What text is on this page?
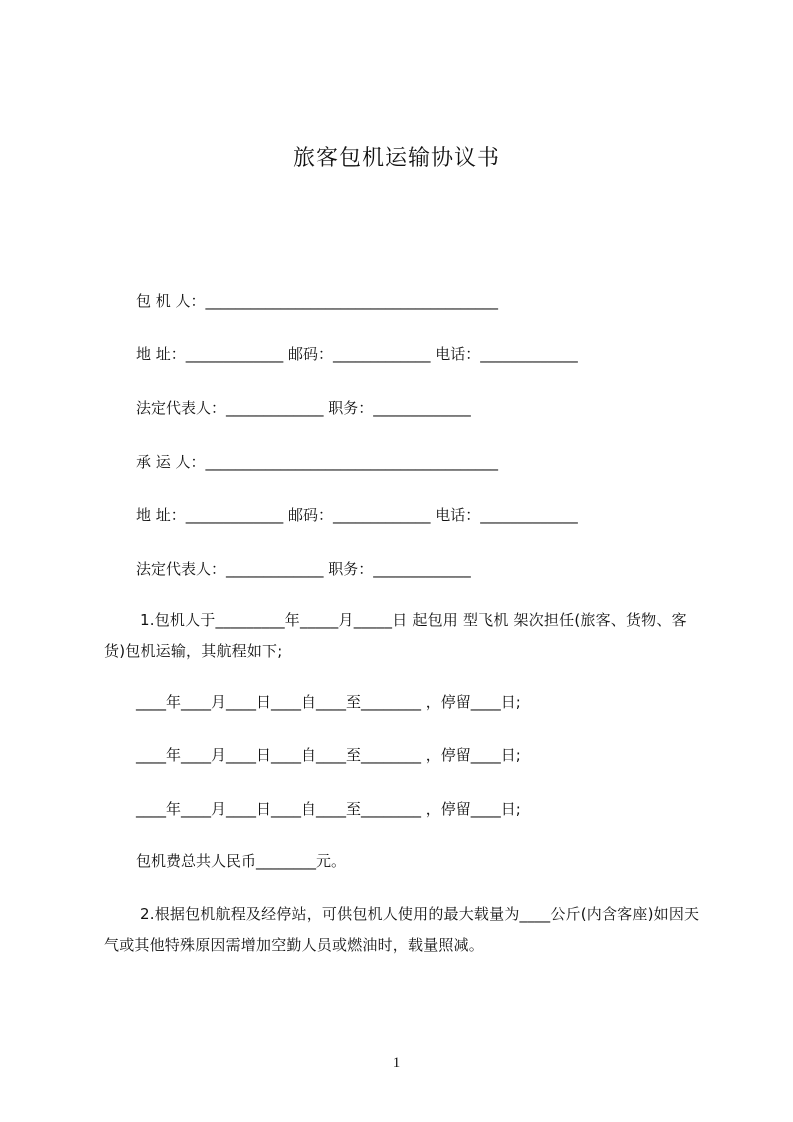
旅客包机运输协议书
包 机 人：_______________________________________
地 址：_____________ 邮码：_____________ 电话：_____________
法定代表人：_____________ 职务：_____________
承 运 人：_______________________________________
地 址：_____________ 邮码：_____________ 电话：_____________
法定代表人：_____________ 职务：_____________
1.包机人于_________年_____月_____日 起包用 型飞机 架次担任(旅客、货物、客货)包机运输，其航程如下;
____年____月____日____自____至________ ，停留____日;
____年____月____日____自____至________ ，停留____日;
____年____月____日____自____至________ ，停留____日;
包机费总共人民币________元。
2.根据包机航程及经停站，可供包机人使用的最大载量为____公斤(内含客座)如因天气或其他特殊原因需增加空勤人员或燃油时，载量照减。
1
